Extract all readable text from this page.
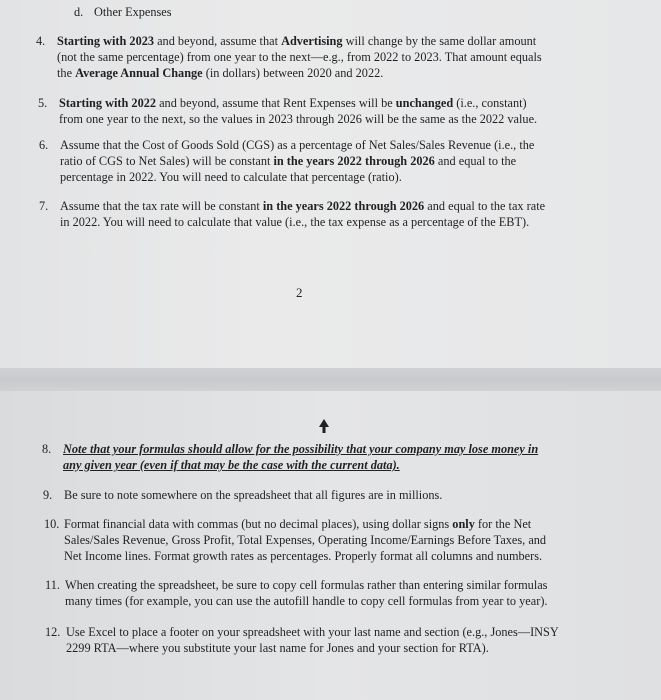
d. Other Expenses
4. Starting with 2023 and beyond, assume that Advertising will change by the same dollar amount
(not the same percentage) from one year to the next—e.g., from 2022 to 2023. That amount equals
the Average Annual Change (in dollars) between 2020 and 2022.
5. Starting with 2022 and beyond, assume that Rent Expenses will be unchanged (i.e., constant)
from one year to the next, so the values in 2023 through 2026 will be the same as the 2022 value.
6. Assume that the Cost of Goods Sold (CGS) as a percentage of Net Sales/Sales Revenue (i.e., the
ratio of CGS to Net Sales) will be constant in the years 2022 through 2026 and equal to the
percentage in 2022. You will need to calculate that percentage (ratio).
7. Assume that the tax rate will be constant in the years 2022 through 2026 and equal to the tax rate
in 2022. You will need to calculate that value (i.e., the tax expense as a percentage of the EBT).
2
8. Note that your formulas should allow for the possibility that your company may lose money in
any given year (even if that may be the case with the current data).
9. Be sure to note somewhere on the spreadsheet that all figures are in millions.
10. Format financial data with commas (but no decimal places), using dollar signs only for the Net
Sales/Sales Revenue, Gross Profit, Total Expenses, Operating Income/Earnings Before Taxes, and
Net Income lines. Format growth rates as percentages. Properly format all columns and numbers.
11. When creating the spreadsheet, be sure to copy cell formulas rather than entering similar formulas
many times (for example, you can use the autofill handle to copy cell formulas from year to year).
12. Use Excel to place a footer on your spreadsheet with your last name and section (e.g., Jones—INSY
2299 RTA—where you substitute your last name for Jones and your section for RTA).
